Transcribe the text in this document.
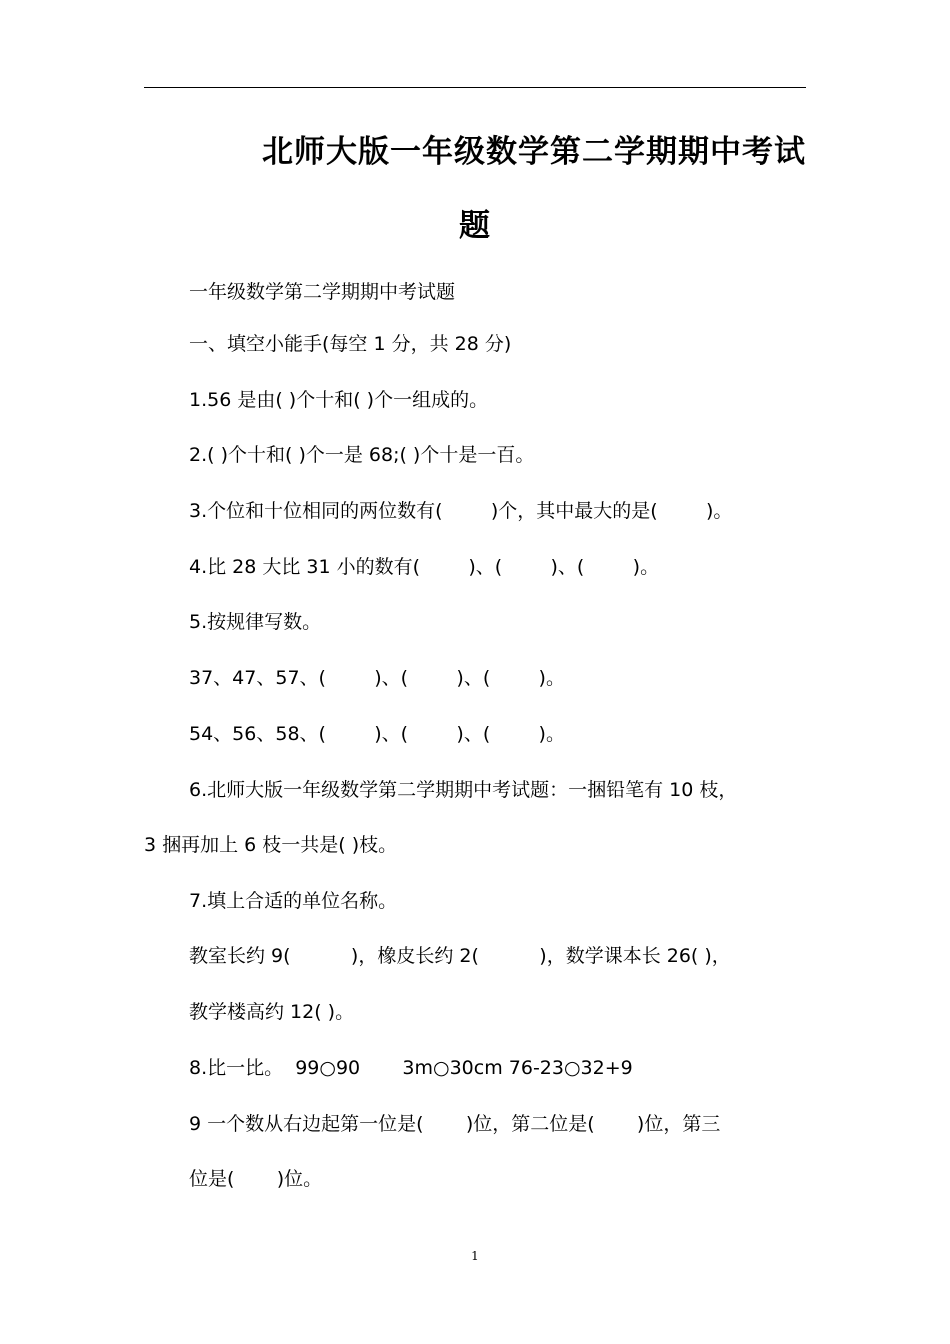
北师大版一年级数学第二学期期中考试
题

一年级数学第二学期期中考试题

一、填空小能手(每空 1 分，共 28 分)

1.56 是由( )个十和( )个一组成的。

2.( )个十和( )个一是 68;( )个十是一百。

3.个位和十位相同的两位数有(        )个，其中最大的是(        )。

4.比 28 大比 31 小的数有(        )、(        )、(        )。

5.按规律写数。

37、47、57、(        )、(        )、(        )。

54、56、58、(        )、(        )、(        )。

6.北师大版一年级数学第二学期期中考试题：一捆铅笔有 10 枝，

3 捆再加上 6 枝一共是( )枝。

7.填上合适的单位名称。

教室长约 9(          )，橡皮长约 2(          )，数学课本长 26( )，

教学楼高约 12( )。

8.比一比。  99○90       3m○30cm 76-23○32+9

9 一个数从右边起第一位是(       )位，第二位是(       )位，第三

位是(       )位。

1
